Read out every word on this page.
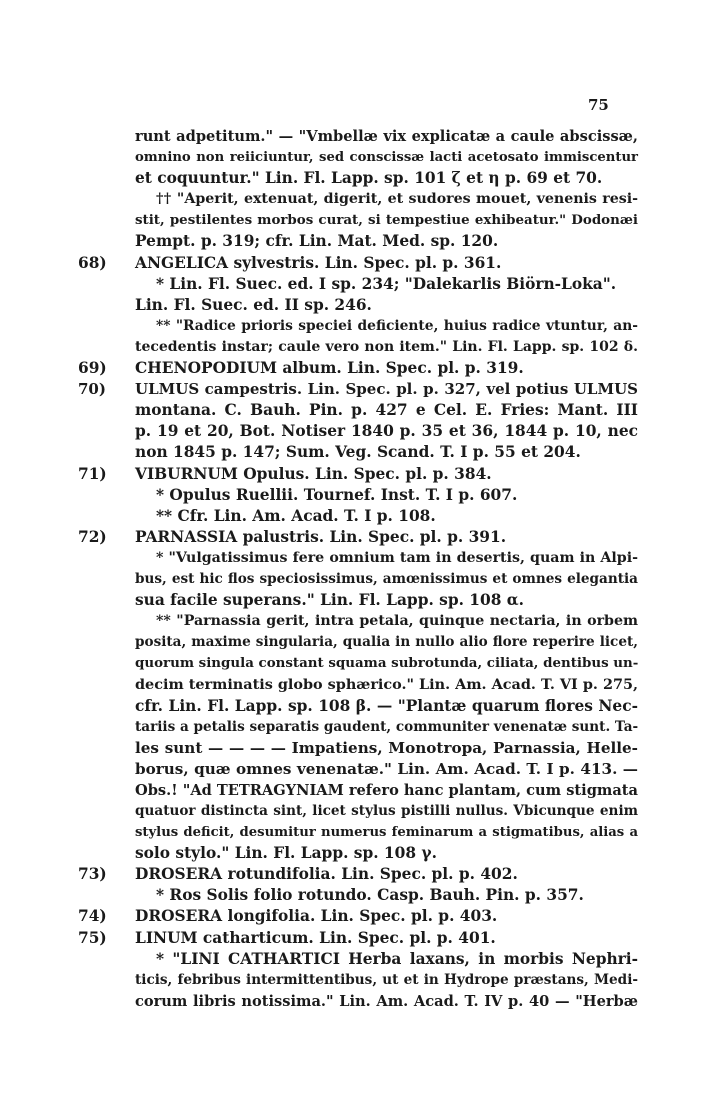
75
runt adpetitum." — "Vmbellæ vix explicatæ a caule abscissæ,
omnino non reiiciuntur, sed conscissæ lacti acetosato immiscentur
et coquuntur." Lin. Fl. Lapp. sp. 101 ζ et η p. 69 et 70.
†† "Aperit, extenuat, digerit, et sudores mouet, venenis resi-
stit, pestilentes morbos curat, si tempestiue exhibeatur." Dodonæi
Pempt. p. 319; cfr. Lin. Mat. Med. sp. 120.
68) ANGELICA sylvestris. Lin. Spec. pl. p. 361.
* Lin. Fl. Suec. ed. I sp. 234; "Dalekarlis Biörn-Loka".
Lin. Fl. Suec. ed. II sp. 246.
** "Radice prioris speciei deficiente, huius radice vtuntur, an-
tecedentis instar; caule vero non item." Lin. Fl. Lapp. sp. 102 δ.
69) CHENOPODIUM album. Lin. Spec. pl. p. 319.
70) ULMUS campestris. Lin. Spec. pl. p. 327, vel potius ULMUS
montana. C. Bauh. Pin. p. 427 e Cel. E. Fries: Mant. III
p. 19 et 20, Bot. Notiser 1840 p. 35 et 36, 1844 p. 10, nec
non 1845 p. 147; Sum. Veg. Scand. T. I p. 55 et 204.
71) VIBURNUM Opulus. Lin. Spec. pl. p. 384.
* Opulus Ruellii. Tournef. Inst. T. I p. 607.
** Cfr. Lin. Am. Acad. T. I p. 108.
72) PARNASSIA palustris. Lin. Spec. pl. p. 391.
* "Vulgatissimus fere omnium tam in desertis, quam in Alpi-
bus, est hic flos speciosissimus, amœnissimus et omnes elegantia
sua facile superans." Lin. Fl. Lapp. sp. 108 α.
** "Parnassia gerit, intra petala, quinque nectaria, in orbem
posita, maxime singularia, qualia in nullo alio flore reperire licet,
quorum singula constant squama subrotunda, ciliata, dentibus un-
decim terminatis globo sphærico." Lin. Am. Acad. T. VI p. 275,
cfr. Lin. Fl. Lapp. sp. 108 β. — "Plantæ quarum flores Nec-
tariis a petalis separatis gaudent, communiter venenatæ sunt. Ta-
les sunt — — — — Impatiens, Monotropa, Parnassia, Helle-
borus, quæ omnes venenatæ." Lin. Am. Acad. T. I p. 413. —
Obs.! "Ad TETRAGYNIAM refero hanc plantam, cum stigmata
quatuor distincta sint, licet stylus pistilli nullus. Vbicunque enim
stylus deficit, desumitur numerus feminarum a stigmatibus, alias a
solo stylo." Lin. Fl. Lapp. sp. 108 γ.
73) DROSERA rotundifolia. Lin. Spec. pl. p. 402.
* Ros Solis folio rotundo. Casp. Bauh. Pin. p. 357.
74) DROSERA longifolia. Lin. Spec. pl. p. 403.
75) LINUM catharticum. Lin. Spec. pl. p. 401.
* "LINI CATHARTICI Herba laxans, in morbis Nephri-
ticis, febribus intermittentibus, ut et in Hydrope præstans, Medi-
corum libris notissima." Lin. Am. Acad. T. IV p. 40 — "Herbæ
